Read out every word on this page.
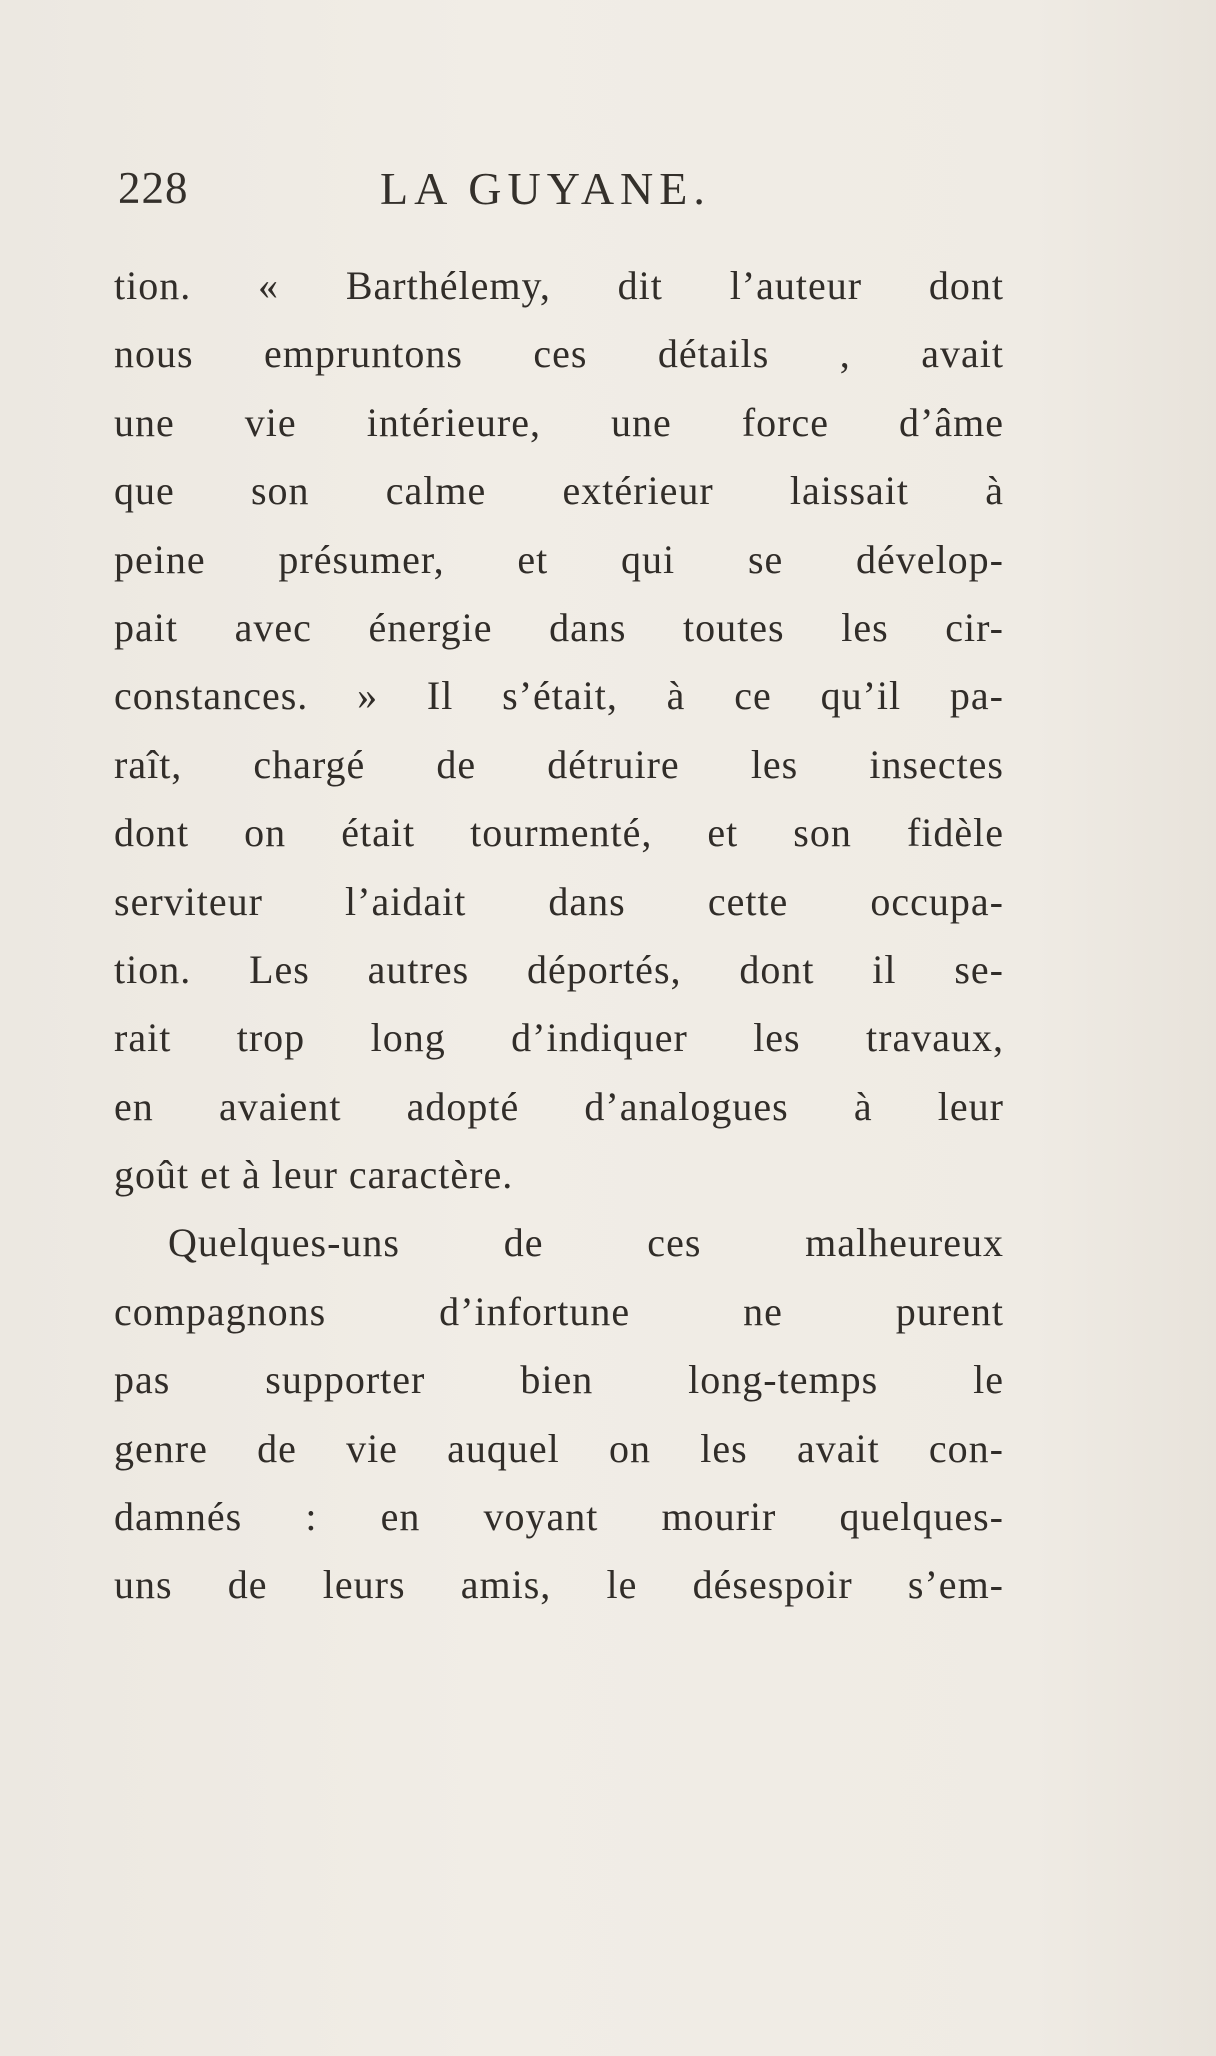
228	LA GUYANE.
tion. « Barthélemy, dit l’auteur dont
nous empruntons ces détails , avait
une vie intérieure, une force d’âme
que son calme extérieur laissait à
peine présumer, et qui se dévelop-
pait avec énergie dans toutes les cir-
constances. » Il s’était, à ce qu’il pa-
raît, chargé de détruire les insectes
dont on était tourmenté, et son fidèle
serviteur l’aidait dans cette occupa-
tion. Les autres déportés, dont il se-
rait trop long d’indiquer les travaux,
en avaient adopté d’analogues à leur
goût et à leur caractère.
Quelques-uns de ces malheureux
compagnons d’infortune ne purent
pas supporter bien long-temps le
genre de vie auquel on les avait con-
damnés : en voyant mourir quelques-
uns de leurs amis, le désespoir s’em-
